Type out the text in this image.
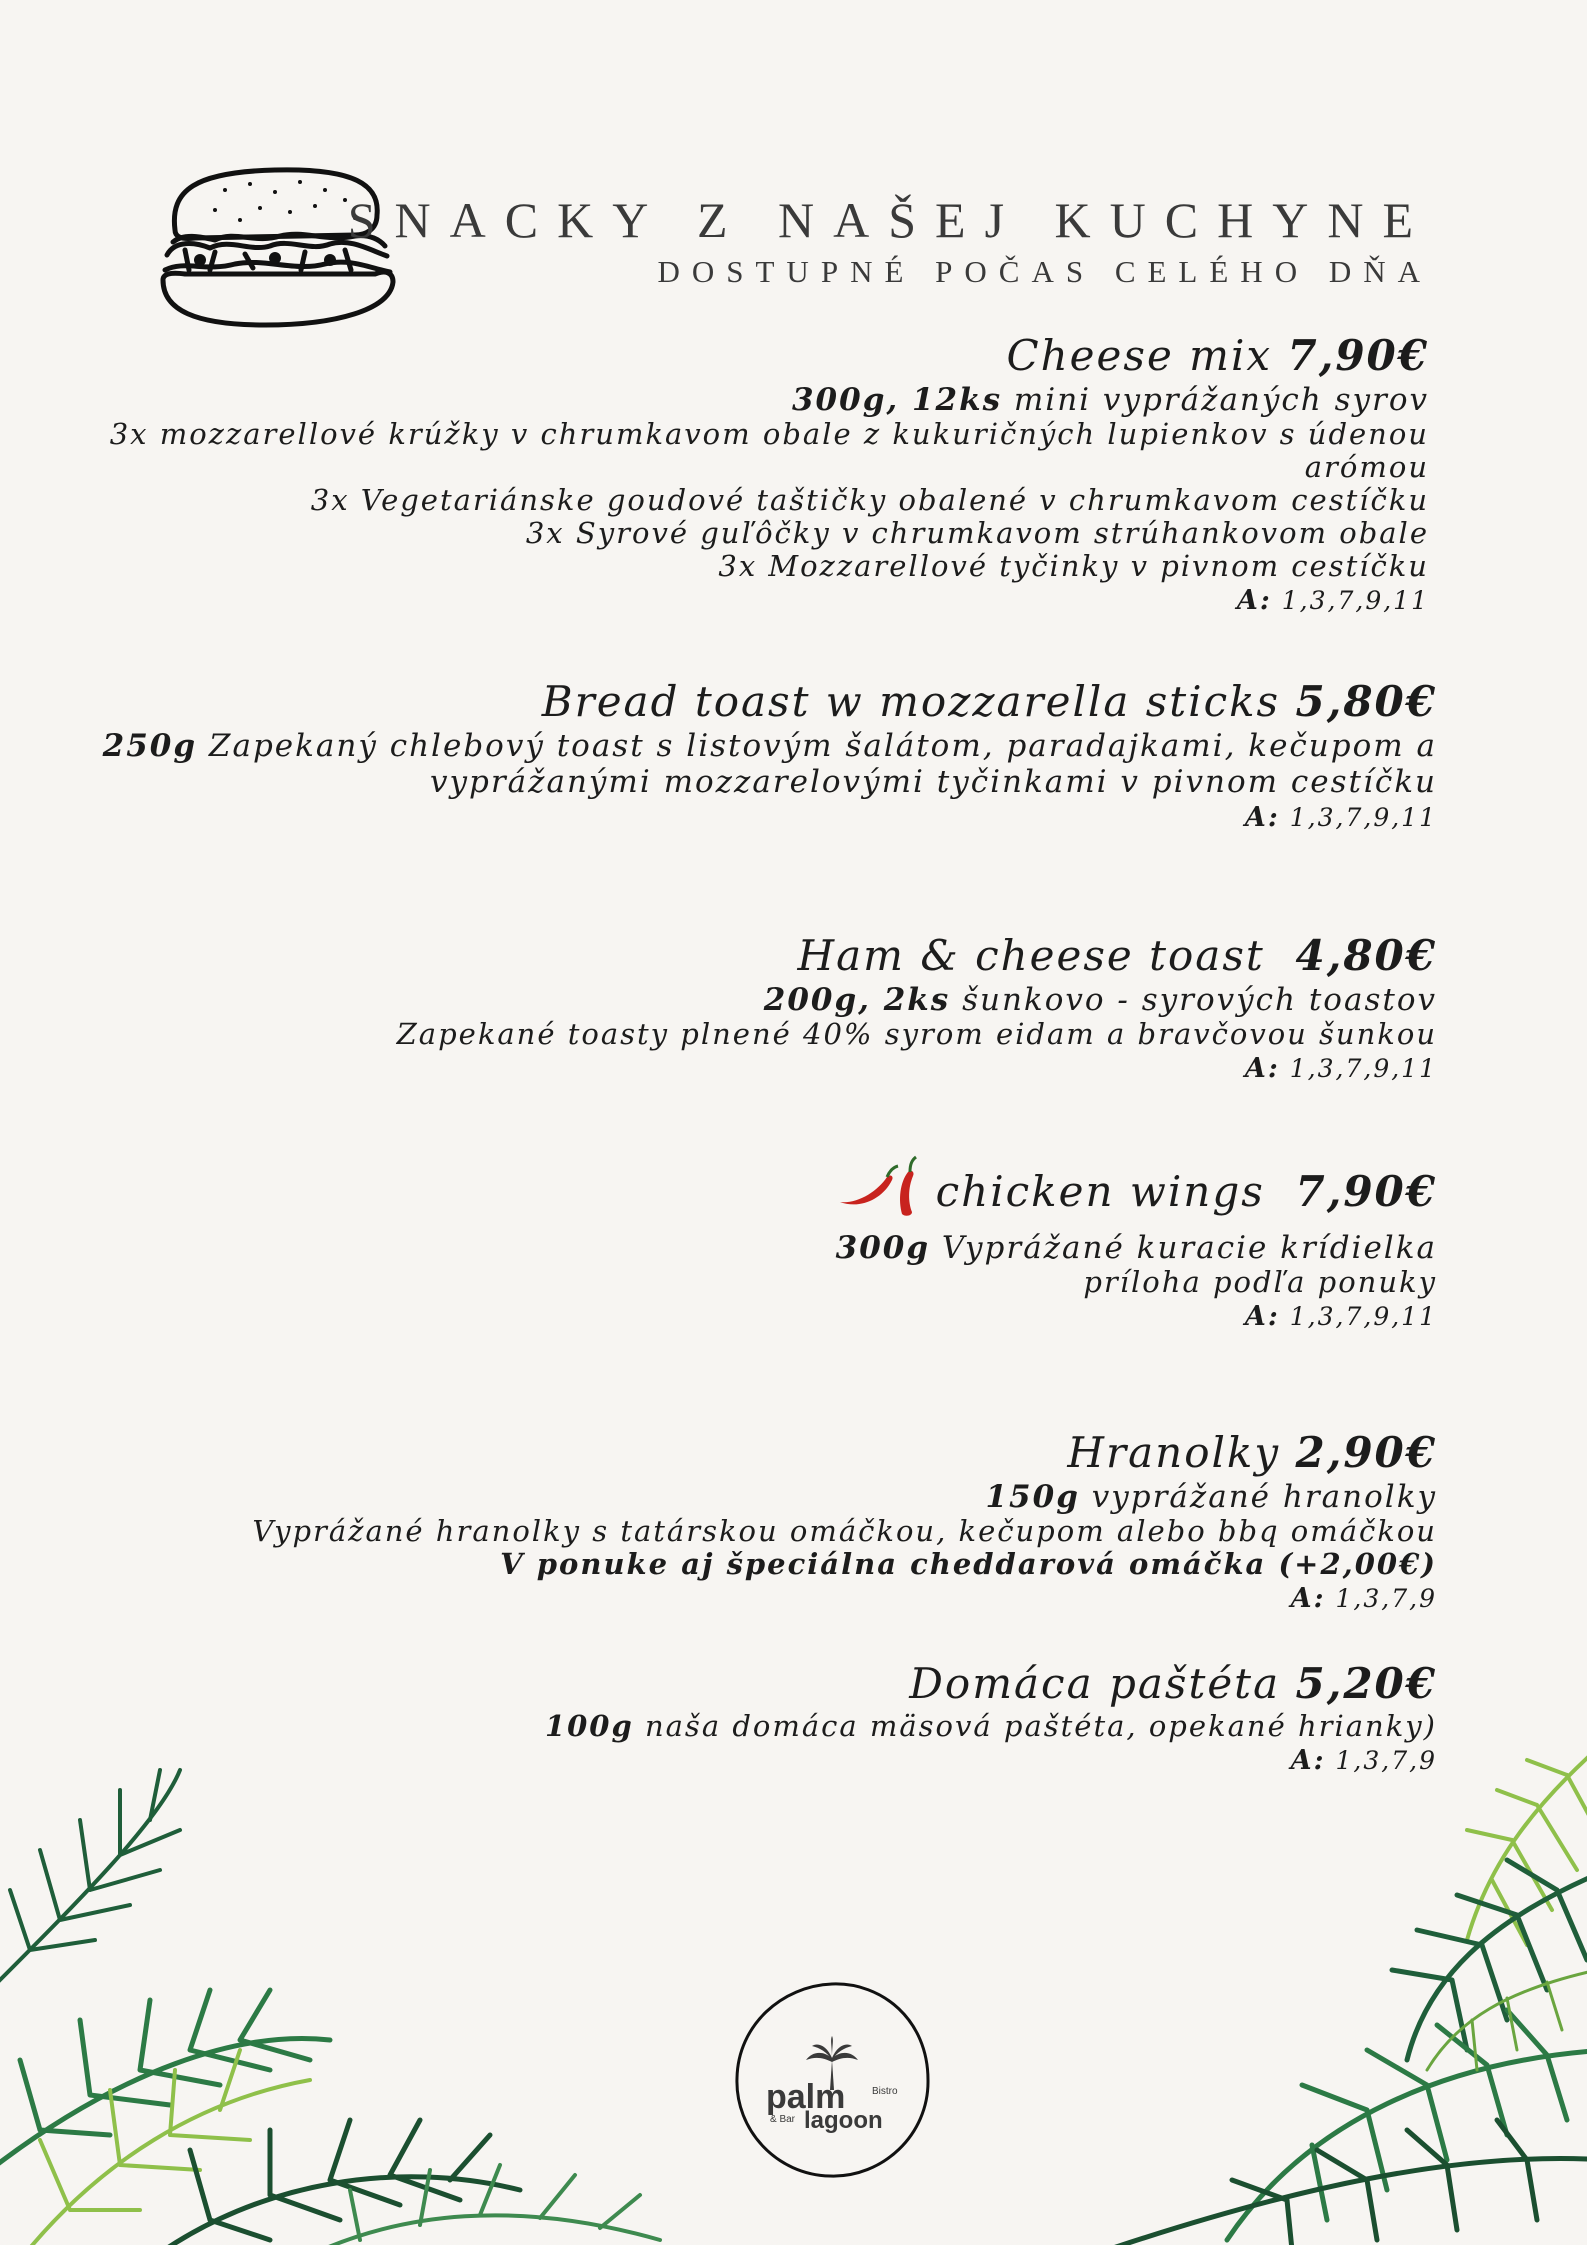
SNACKY Z NAŠEJ KUCHYNE
DOSTUPNÉ POČAS CELÉHO DŇA
Cheese mix 7,90€
300g, 12ks mini vyprážaných syrov
3x mozzarellové krúžky v chrumkavom obale z kukuričných lupienkov s údenou arómou
3x Vegetariánske goudové taštičky obalené v chrumkavom cestíčku
3x Syrové guľôčky v chrumkavom strúhankovom obale
3x Mozzarellové tyčinky v pivnom cestíčku
A: 1,3,7,9,11
Bread toast w mozzarella sticks 5,80€
250g Zapekaný chlebový toast s listovým šalátom, paradajkami, kečupom a
vyprážanými mozzarelovými tyčinkami v pivnom cestíčku
A: 1,3,7,9,11
Ham & cheese toast 4,80€
200g, 2ks šunkovo - syrových toastov
Zapekané toasty plnené 40% syrom eidam a bravčovou šunkou
A: 1,3,7,9,11
chicken wings 7,90€
300g Vyprážané kuracie krídielka
príloha podľa ponuky
A: 1,3,7,9,11
Hranolky 2,90€
150g vyprážané hranolky
Vyprážané hranolky s tatárskou omáčkou, kečupom alebo bbq omáčkou
V ponuke aj špeciálna cheddarová omáčka (+2,00€)
A: 1,3,7,9
Domáca paštéta 5,20€
100g naša domáca mäsová paštéta, opekané hrianky)
A: 1,3,7,9
palm	Bistro
& Bar lagoon
